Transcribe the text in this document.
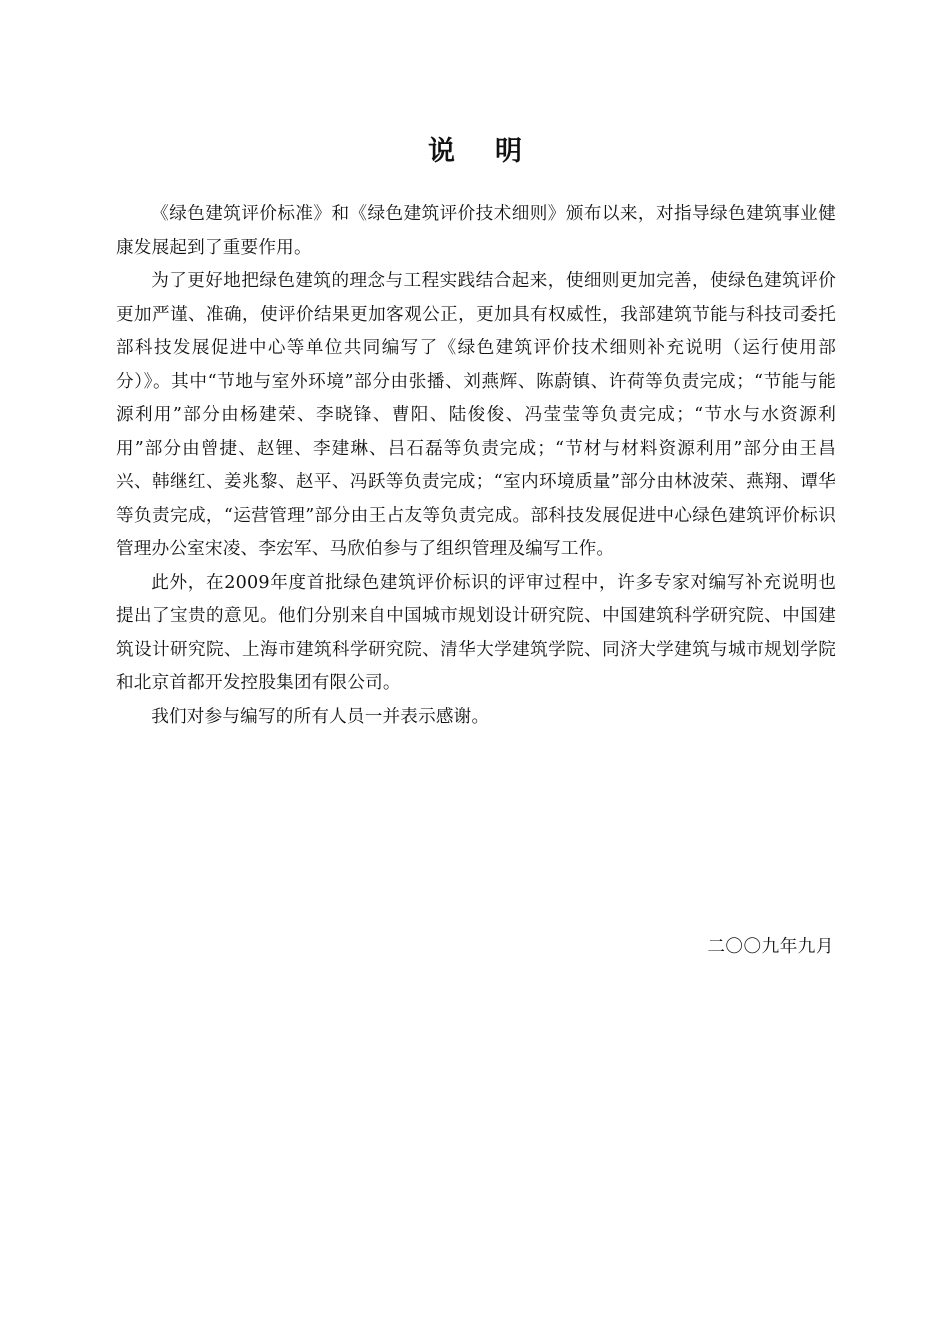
说明

《绿色建筑评价标准》和《绿色建筑评价技术细则》颁布以来，对指导绿色建筑事业健康发展起到了重要作用。

为了更好地把绿色建筑的理念与工程实践结合起来，使细则更加完善，使绿色建筑评价更加严谨、准确，使评价结果更加客观公正，更加具有权威性，我部建筑节能与科技司委托部科技发展促进中心等单位共同编写了《绿色建筑评价技术细则补充说明（运行使用部分）》。其中“节地与室外环境”部分由张播、刘燕辉、陈蔚镇、许荷等负责完成；“节能与能源利用”部分由杨建荣、李晓锋、曹阳、陆俊俊、冯莹莹等负责完成；“节水与水资源利用”部分由曾捷、赵锂、李建琳、吕石磊等负责完成；“节材与材料资源利用”部分由王昌兴、韩继红、姜兆黎、赵平、冯跃等负责完成；“室内环境质量”部分由林波荣、燕翔、谭华等负责完成，“运营管理”部分由王占友等负责完成。部科技发展促进中心绿色建筑评价标识管理办公室宋凌、李宏军、马欣伯参与了组织管理及编写工作。

此外，在2009年度首批绿色建筑评价标识的评审过程中，许多专家对编写补充说明也提出了宝贵的意见。他们分别来自中国城市规划设计研究院、中国建筑科学研究院、中国建筑设计研究院、上海市建筑科学研究院、清华大学建筑学院、同济大学建筑与城市规划学院和北京首都开发控股集团有限公司。

我们对参与编写的所有人员一并表示感谢。

二〇〇九年九月
